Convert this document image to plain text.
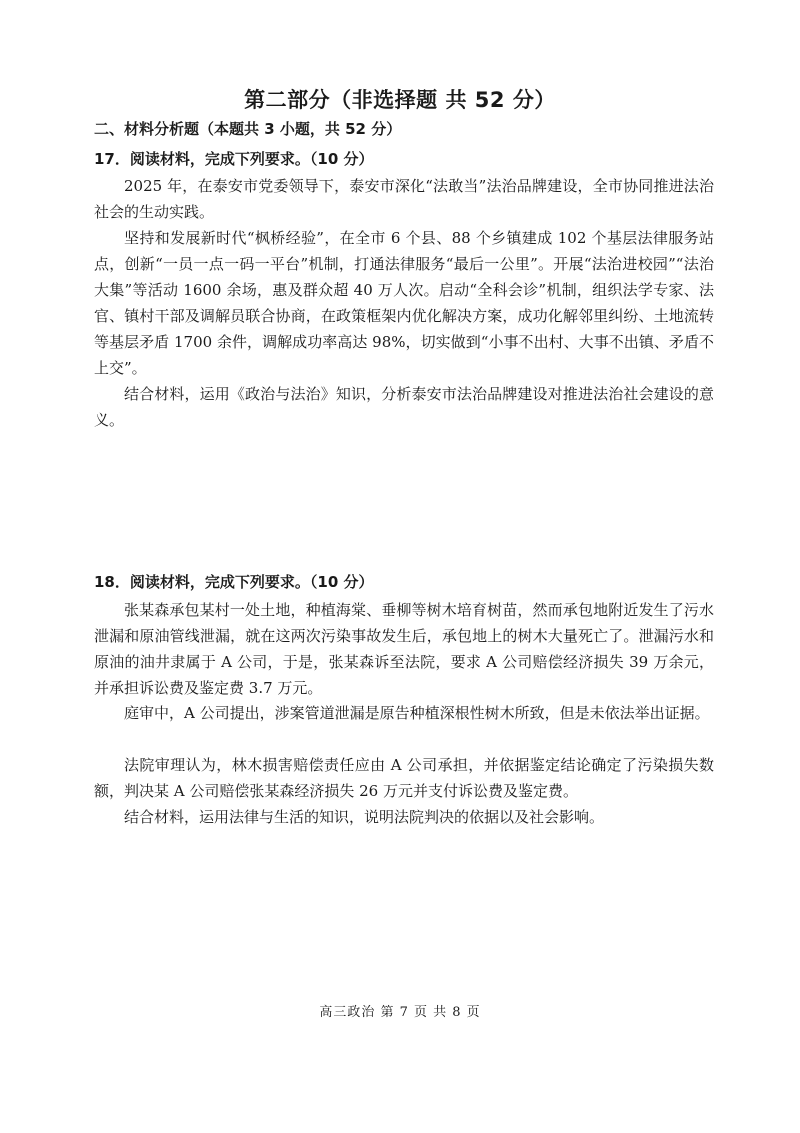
第二部分（非选择题 共 52 分）
二、材料分析题（本题共 3 小题，共 52 分）
17．阅读材料，完成下列要求。（10 分）
2025 年，在泰安市党委领导下，泰安市深化“法敢当”法治品牌建设，全市协同推进法治社会的生动实践。
坚持和发展新时代“枫桥经验”，在全市 6 个县、88 个乡镇建成 102 个基层法律服务站点，创新“一员一点一码一平台”机制，打通法律服务“最后一公里”。开展“法治进校园”“法治大集”等活动 1600 余场，惠及群众超 40 万人次。启动“全科会诊”机制，组织法学专家、法官、镇村干部及调解员联合协商，在政策框架内优化解决方案，成功化解邻里纠纷、土地流转等基层矛盾 1700 余件，调解成功率高达 98%，切实做到“小事不出村、大事不出镇、矛盾不上交”。
结合材料，运用《政治与法治》知识，分析泰安市法治品牌建设对推进法治社会建设的意义。
18．阅读材料，完成下列要求。（10 分）
张某森承包某村一处土地，种植海棠、垂柳等树木培育树苗，然而承包地附近发生了污水泄漏和原油管线泄漏，就在这两次污染事故发生后，承包地上的树木大量死亡了。泄漏污水和原油的油井隶属于 A 公司，于是，张某森诉至法院，要求 A 公司赔偿经济损失 39 万余元，并承担诉讼费及鉴定费 3.7 万元。
庭审中，A 公司提出，涉案管道泄漏是原告种植深根性树木所致，但是未依法举出证据。
法院审理认为，林木损害赔偿责任应由 A 公司承担，并依据鉴定结论确定了污染损失数额，判决某 A 公司赔偿张某森经济损失 26 万元并支付诉讼费及鉴定费。
结合材料，运用法律与生活的知识，说明法院判决的依据以及社会影响。
高三政治 第 7 页 共 8 页
